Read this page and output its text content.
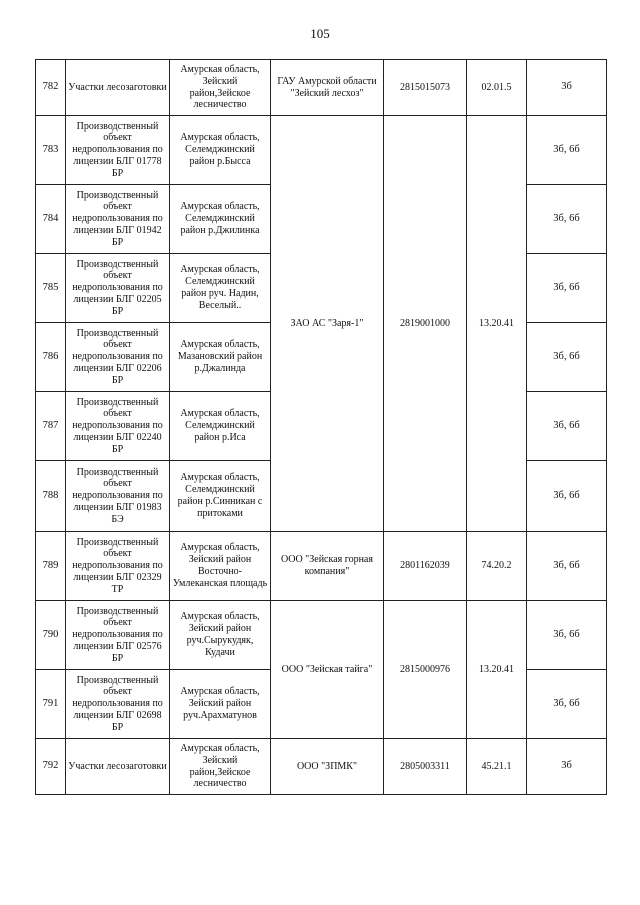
105
782	Участки лесозаготовки	Амурская область, Зейский район,Зейское лесничество	ГАУ Амурской области "Зейский лесхоз"	2815015073	02.01.5	3б
783	Производственный объект недропользования по лицензии БЛГ 01778 БР	Амурская область, Селемджинский район р.Бысса	ЗАО АС "Заря-1"	2819001000	13.20.41	3б, 6б
784	Производственный объект недропользования по лицензии БЛГ 01942 БР	Амурская область, Селемджинский район р.Джилинка				3б, 6б
785	Производственный объект недропользования по лицензии БЛГ 02205 БР	Амурская область, Селемджинский район руч. Надин, Веселый..				3б, 6б
786	Производственный объект недропользования по лицензии БЛГ 02206 БР	Амурская область, Мазановский район р.Джалинда				3б, 6б
787	Производственный объект недропользования по лицензии БЛГ 02240 БР	Амурская область, Селемджинский район р.Иса				3б, 6б
788	Производственный объект недропользования по лицензии БЛГ 01983 БЭ	Амурская область, Селемджинский район р.Синникан с притоками				3б, 6б
789	Производственный объект недропользования по лицензии БЛГ 02329 ТР	Амурская область, Зейский район Восточно-Умлеканская площадь	ООО "Зейская горная компания"	2801162039	74.20.2	3б, 6б
790	Производственный объект недропользования по лицензии БЛГ 02576 БР	Амурская область, Зейский район руч.Сырукудяк, Кудачи	ООО "Зейская тайга"	2815000976	13.20.41	3б, 6б
791	Производственный объект недропользования по лицензии БЛГ 02698 БР	Амурская область, Зейский район руч.Арахматунов				3б, 6б
792	Участки лесозаготовки	Амурская область, Зейский район,Зейское лесничество	ООО "ЗПМК"	2805003311	45.21.1	3б
